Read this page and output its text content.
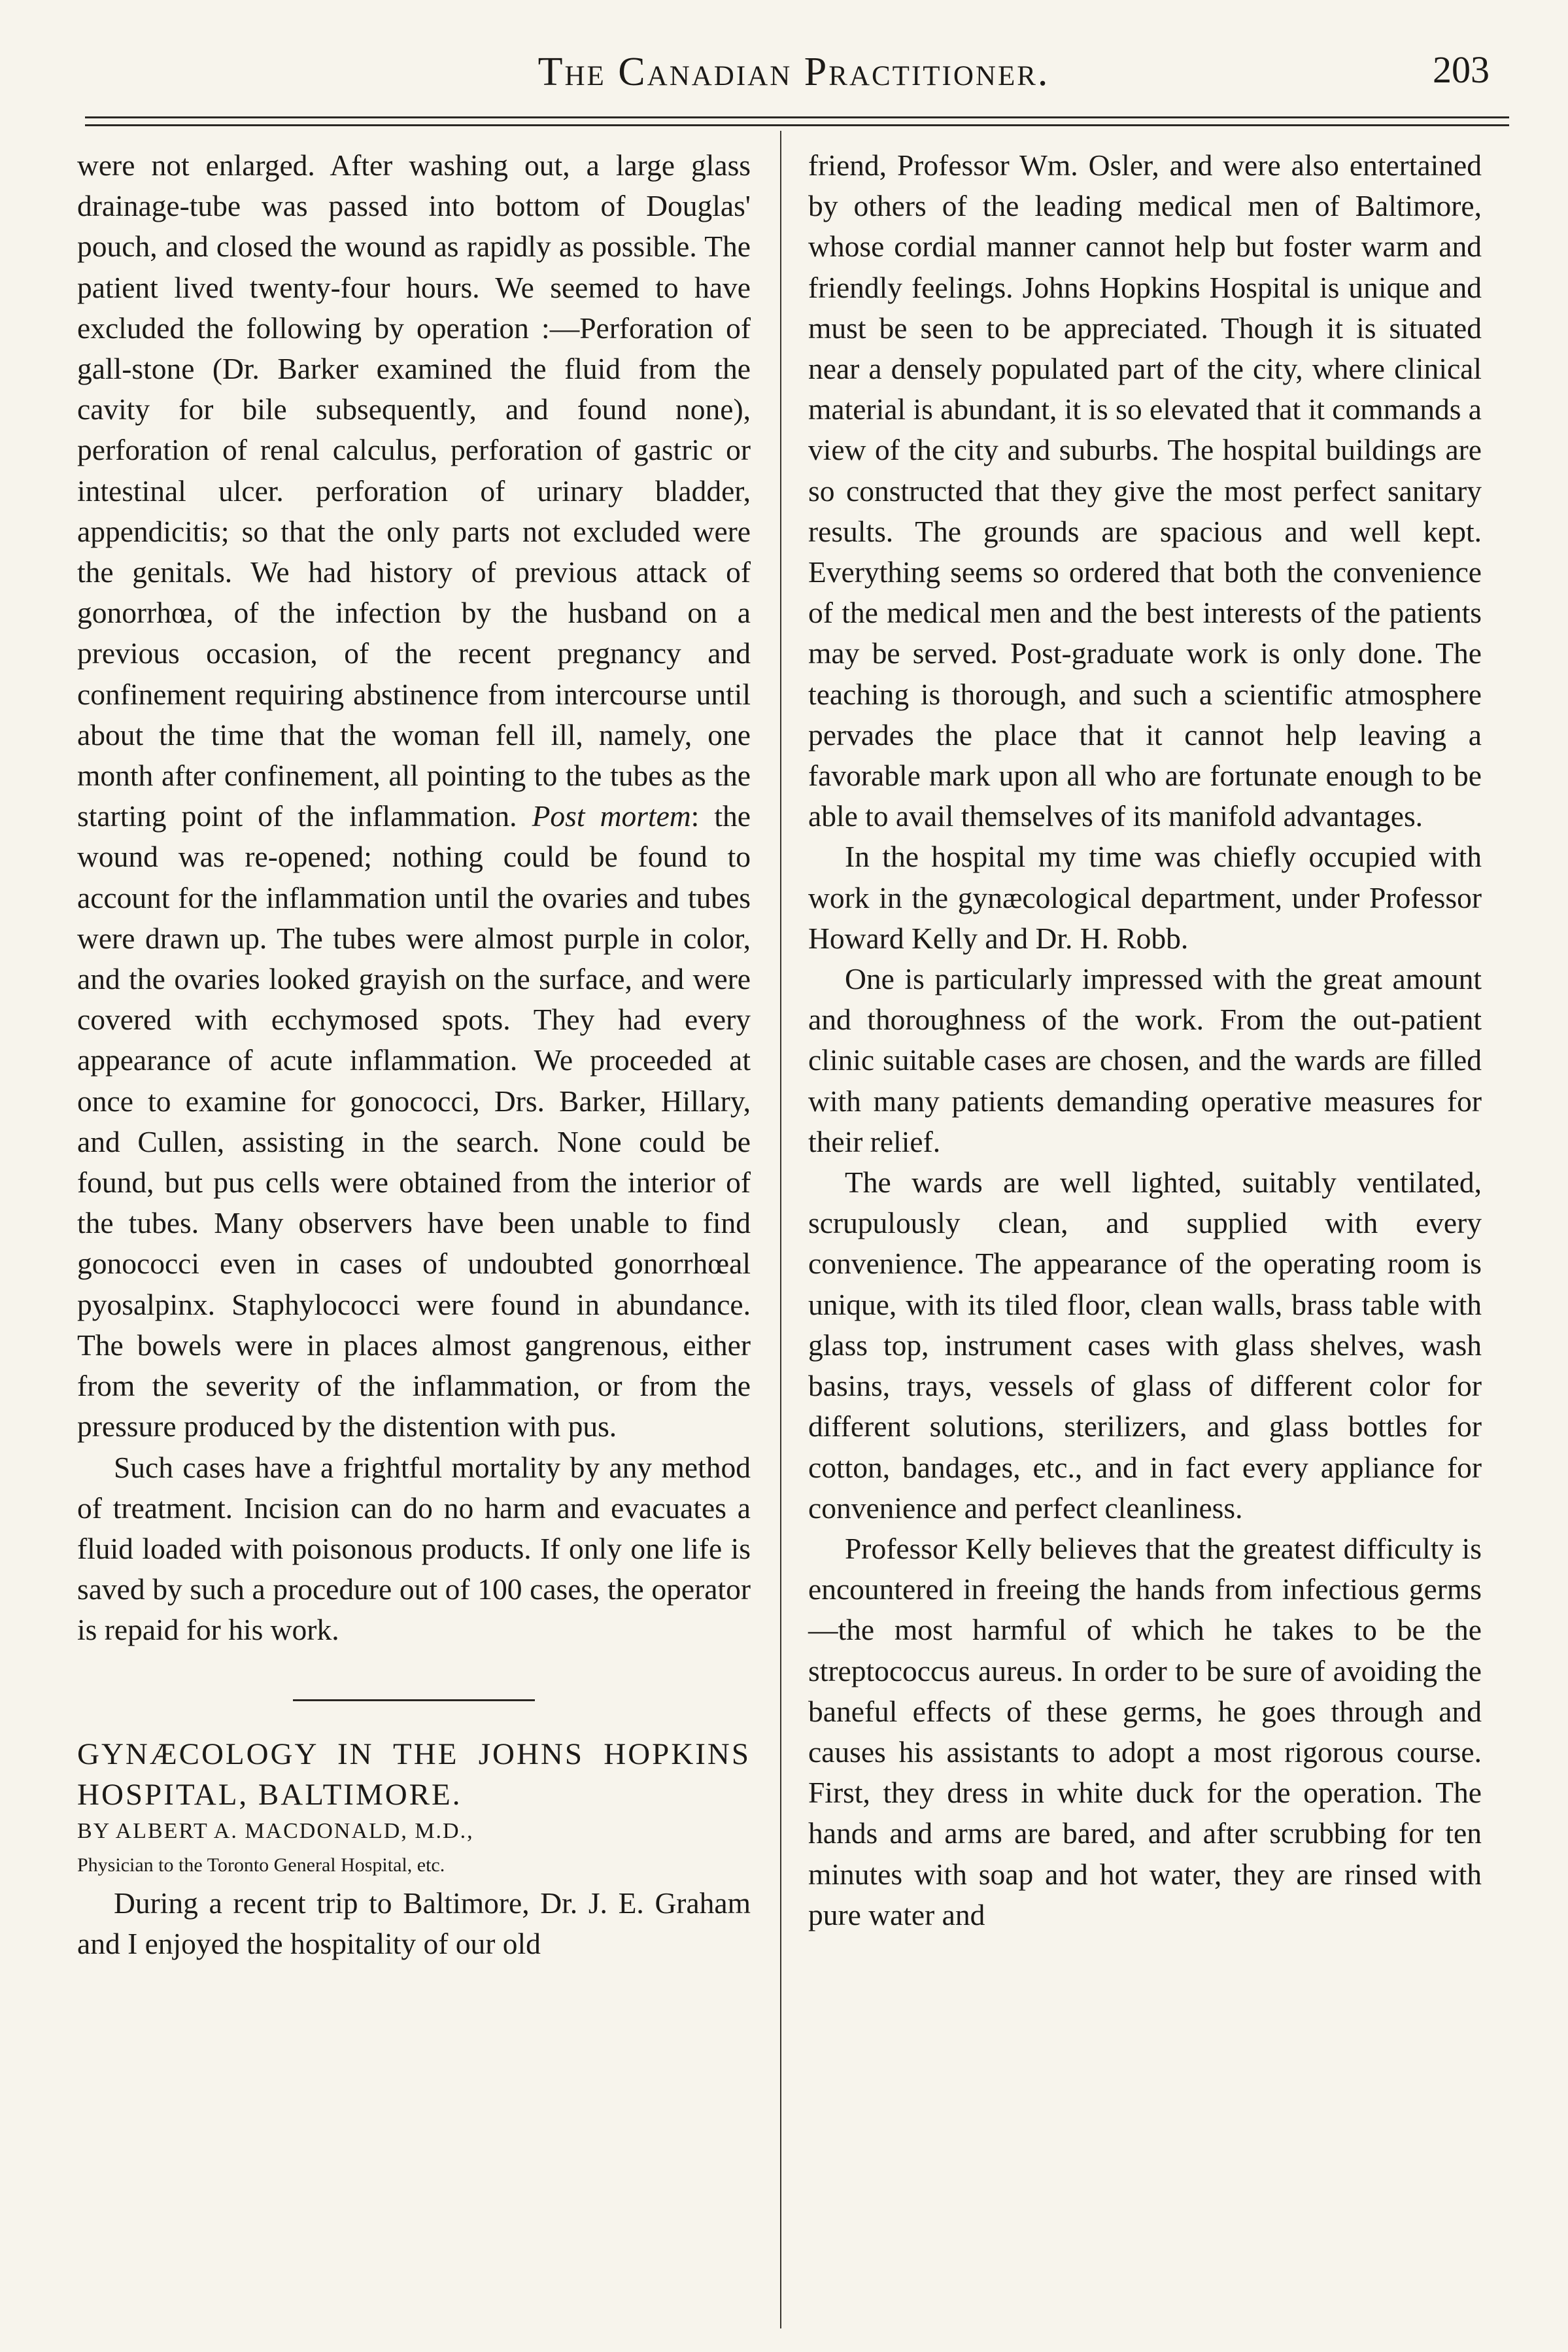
The Canadian Practitioner.	203

were not enlarged. After washing out, a large glass drainage-tube was passed into bottom of Douglas' pouch, and closed the wound as rapidly as possible. The patient lived twenty-four hours. We seemed to have excluded the following by operation :—Perforation of gall-stone (Dr. Barker examined the fluid from the cavity for bile subsequently, and found none), perforation of renal calculus, perforation of gastric or intestinal ulcer. perforation of urinary bladder, appendicitis; so that the only parts not excluded were the genitals. We had history of previous attack of gonorrhœa, of the infection by the husband on a previous occasion, of the recent pregnancy and confinement requiring abstinence from intercourse until about the time that the woman fell ill, namely, one month after confinement, all pointing to the tubes as the starting point of the inflammation. Post mortem: the wound was re-opened; nothing could be found to account for the inflammation until the ovaries and tubes were drawn up. The tubes were almost purple in color, and the ovaries looked grayish on the surface, and were covered with ecchymosed spots. They had every appearance of acute inflammation. We proceeded at once to examine for gonococci, Drs. Barker, Hillary, and Cullen, assisting in the search. None could be found, but pus cells were obtained from the interior of the tubes. Many observers have been unable to find gonococci even in cases of undoubted gonorrhœal pyosalpinx. Staphylococci were found in abundance. The bowels were in places almost gangrenous, either from the severity of the inflammation, or from the pressure produced by the distention with pus.

Such cases have a frightful mortality by any method of treatment. Incision can do no harm and evacuates a fluid loaded with poisonous products. If only one life is saved by such a procedure out of 100 cases, the operator is repaid for his work.

GYNÆCOLOGY IN THE JOHNS HOPKINS HOSPITAL, BALTIMORE.

BY ALBERT A. MACDONALD, M.D.,

Physician to the Toronto General Hospital, etc.

During a recent trip to Baltimore, Dr. J. E. Graham and I enjoyed the hospitality of our old

friend, Professor Wm. Osler, and were also entertained by others of the leading medical men of Baltimore, whose cordial manner cannot help but foster warm and friendly feelings. Johns Hopkins Hospital is unique and must be seen to be appreciated. Though it is situated near a densely populated part of the city, where clinical material is abundant, it is so elevated that it commands a view of the city and suburbs. The hospital buildings are so constructed that they give the most perfect sanitary results. The grounds are spacious and well kept. Everything seems so ordered that both the convenience of the medical men and the best interests of the patients may be served. Post-graduate work is only done. The teaching is thorough, and such a scientific atmosphere pervades the place that it cannot help leaving a favorable mark upon all who are fortunate enough to be able to avail themselves of its manifold advantages.

In the hospital my time was chiefly occupied with work in the gynæcological department, under Professor Howard Kelly and Dr. H. Robb.

One is particularly impressed with the great amount and thoroughness of the work. From the out-patient clinic suitable cases are chosen, and the wards are filled with many patients demanding operative measures for their relief.

The wards are well lighted, suitably ventilated, scrupulously clean, and supplied with every convenience. The appearance of the operating room is unique, with its tiled floor, clean walls, brass table with glass top, instrument cases with glass shelves, wash basins, trays, vessels of glass of different color for different solutions, sterilizers, and glass bottles for cotton, bandages, etc., and in fact every appliance for convenience and perfect cleanliness.

Professor Kelly believes that the greatest difficulty is encountered in freeing the hands from infectious germs—the most harmful of which he takes to be the streptococcus aureus. In order to be sure of avoiding the baneful effects of these germs, he goes through and causes his assistants to adopt a most rigorous course. First, they dress in white duck for the operation. The hands and arms are bared, and after scrubbing for ten minutes with soap and hot water, they are rinsed with pure water and
